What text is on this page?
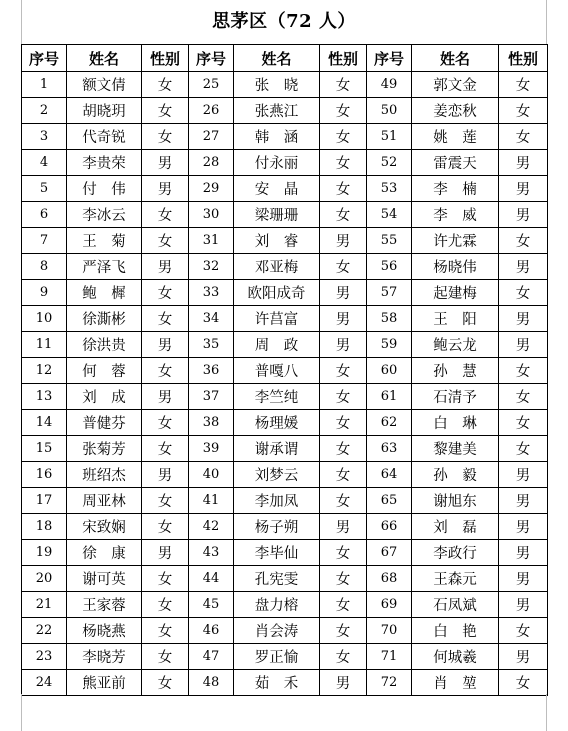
思茅区（72 人）
序号	姓名	性别	序号	姓名	性别	序号	姓名	性别
1	额文倩	女	25	张　晓	女	49	郭文金	女
2	胡晓玥	女	26	张燕江	女	50	姜恋秋	女
3	代奇锐	女	27	韩　涵	女	51	姚　莲	女
4	李贵荣	男	28	付永丽	女	52	雷震天	男
5	付　伟	男	29	安　晶	女	53	李　楠	男
6	李冰云	女	30	梁珊珊	女	54	李　威	男
7	王　菊	女	31	刘　睿	男	55	许尤霖	女
8	严泽飞	男	32	邓亚梅	女	56	杨晓伟	男
9	鲍　樨	女	33	欧阳成奇	男	57	起建梅	女
10	徐澌彬	女	34	许莒富	男	58	王　阳	男
11	徐洪贵	男	35	周　政	男	59	鲍云龙	男
12	何　蓉	女	36	普嘎八	女	60	孙　慧	女
13	刘　成	男	37	李竺纯	女	61	石清予	女
14	普健芬	女	38	杨理媛	女	62	白　琳	女
15	张菊芳	女	39	谢承谓	女	63	黎建美	女
16	班绍杰	男	40	刘梦云	女	64	孙　毅	男
17	周亚林	女	41	李加凤	女	65	谢旭东	男
18	宋致娴	女	42	杨子朔	男	66	刘　磊	男
19	徐　康	男	43	李毕仙	女	67	李政行	男
20	谢可英	女	44	孔宪雯	女	68	王森元	男
21	王家蓉	女	45	盘力榕	女	69	石凤斌	男
22	杨晓燕	女	46	肖会涛	女	70	白　艳	女
23	李晓芳	女	47	罗正愉	女	71	何城羲	男
24	熊亚前	女	48	茹　禾	男	72	肖　堃	女
